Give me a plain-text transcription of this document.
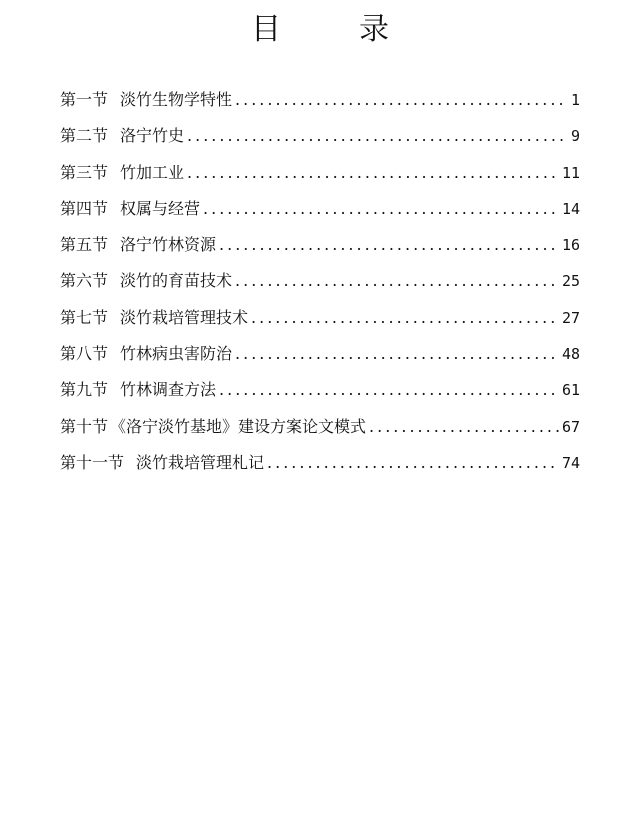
目　录
第一节 淡竹生物学特性 .....	1
第二节 洛宁竹史 .....	9
第三节 竹加工业 .....	11
第四节 权属与经营 .....	14
第五节 洛宁竹林资源 .....	16
第六节 淡竹的育苗技术 .....	25
第七节 淡竹栽培管理技术 .....	27
第八节 竹林病虫害防治 .....	48
第九节 竹林调查方法 .....	61
第十节 《洛宁淡竹基地》建设方案论文模式 .....	67
第十一节 淡竹栽培管理札记 .....	74
